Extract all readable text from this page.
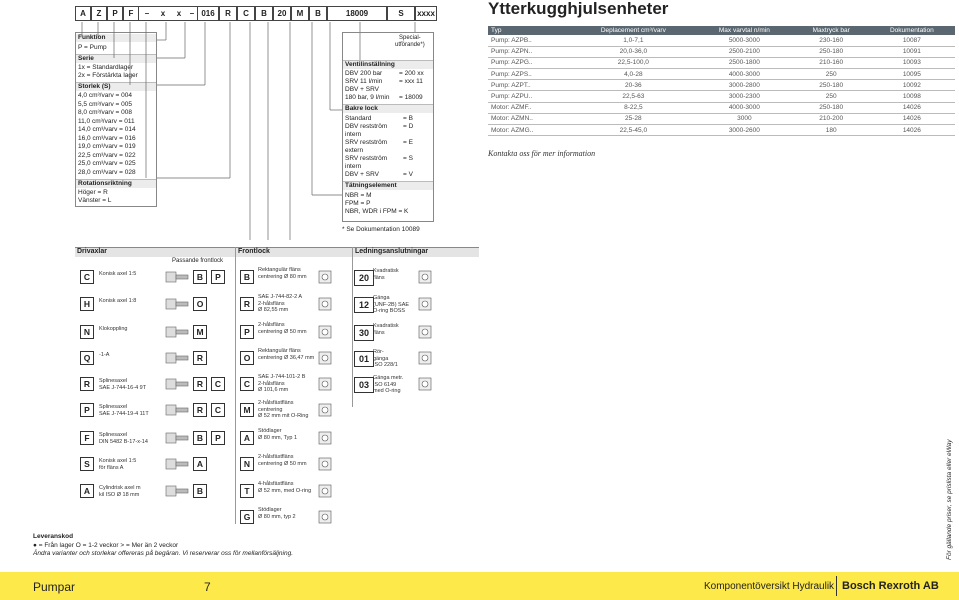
A	Z	P	F	–	x	x	– 016	R	C	B	20	M	B	18009	S	xxxx
Funktion
P = Pump
Serie
1x = Standardlager
2x = Förstärkta lager
Storlek (S)
4,0 cm³/varv = 004
5,5 cm³/varv = 005
8,0 cm³/varv = 008
11,0 cm³/varv = 011
14,0 cm³/varv = 014
16,0 cm³/varv = 016
19,0 cm³/varv = 019
22,5 cm³/varv = 022
25,0 cm³/varv = 025
28,0 cm³/varv = 028
Rotationsriktning
Höger = R
Vänster = L
Special-
utförande*)
Ventilinställning
DBV 200 bar	= 200 xx
SRV 11 l/min	= xxx 11
DBV + SRV
180 bar, 9 l/min	= 18009
Bakre lock
Standard	= B
DBV restström	= D
intern
SRV restström	= E
extern
SRV restström	= S
intern
DBV + SRV	= V
Tätningselement
NBR = M
FPM = P
NBR, WDR i FPM = K
* Se Dokumentation 10089
Ytterkugghjulsenheter
Typ	Deplacement cm³/varv	Max varvtal n/min	Maxtryck bar	Dokumentation
Pump: AZPB..	1,0-7,1	5000-3000	230-160	10087
Pump: AZPN..	20,0-36,0	2500-2100	250-180	10091
Pump: AZPG..	22,5-100,0	2500-1800	210-160	10093
Pump: AZPS..	4,0-28	4000-3000	250	10095
Pump: AZPT..	20-36	3000-2800	250-180	10092
Pump: AZPU..	22,5-63	3000-2300	250	10098
Motor: AZMF..	8-22,5	4000-3000	250-180	14026
Motor: AZMN..	25-28	3000	210-200	14026
Motor: AZMG..	22,5-45,0	3000-2600	180	14026
Kontakta oss för mer information
Drivaxlar	Frontlock	Ledningsanslutningar
Passande frontlock
Leveranskod
● = Från lager O = 1-2 veckor > = Mer än 2 veckor
Ändra varianter och storlekar offereras på begäran. Vi reserverar oss för mellanförsäljning.	För gällande priser, se prislista eller eWay
Pumpar	7	Komponentöversikt Hydraulik Bosch Rexroth AB
C	Konisk axel 1:5	B	P
H	Konisk axel 1:8	O
N	Klokoppling	M
Q	-1-A	R
R	Splinesaxel
SAE J-744-16-4 9T	R	C
P	Splinesaxel
SAE J-744-19-4 11T	R	C
F	Splinesaxel
DIN 5482 B-17-x-14	B	P
S	Konisk axel 1:5
för fläns A	A
A	Cylindrisk axel m
kil ISO Ø 18 mm	B
B
Rektangulär fläns
centrering Ø 80 mm
R
SAE J-744-82-2 A
2-hålsfläns
Ø 82,55 mm
P
2-hålsfläns
centrering Ø 50 mm
O
Rektangulär fläns
centrering Ø 36,47 mm
C
SAE J-744-101-2 B
2-hålsfläns
Ø 101,6 mm
M
2-hålsfästfläns
centrering
Ø 52 mm mit O-Ring
A
Stödlager
Ø 80 mm, Typ 1
N
2-hålsfästfläns
centrering Ø 50 mm
T
4-hålsfästfläns
Ø 52 mm, med O-ring
G
Stödlager
Ø 80 mm, typ 2
20
Kvadratisk
fläns
12
Gänga
(UNF-2B) SAE
O-ring BOSS
30
Kvadratisk
fläns
01
Rör-
gänga
ISO 228/1
03
Gänga metr.
ISO 6149
med O-ring
